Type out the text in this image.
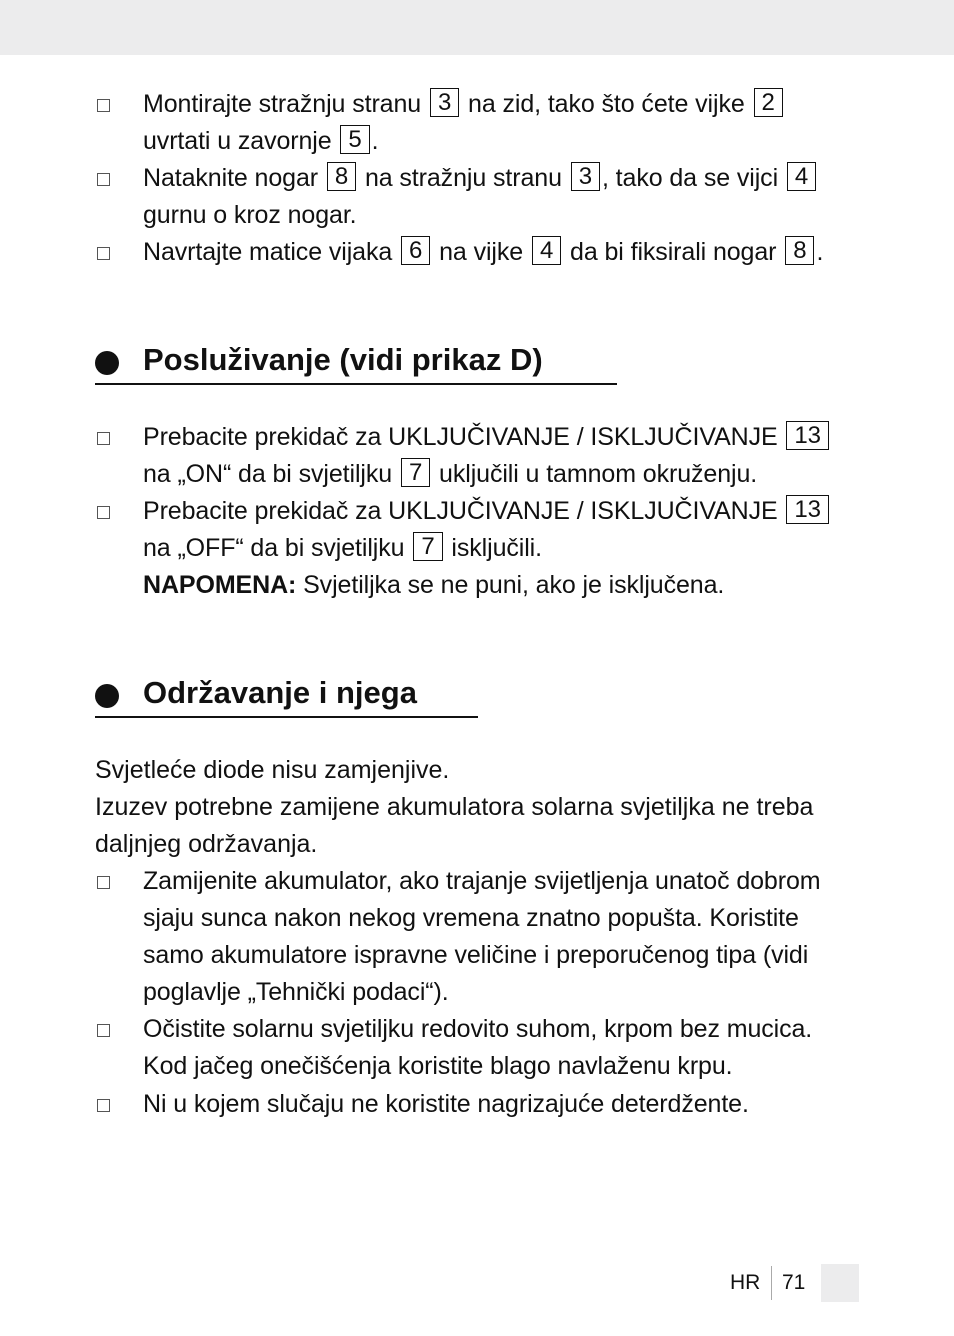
Montirajte stražnju stranu 3 na zid, tako što ćete vijke 2
uvrtati u zavornje 5 .
Nataknite nogar 8 na stražnju stranu 3 , tako da se vijci 4
gurnu o kroz nogar.
Navrtajte matice vijaka 6 na vijke 4 da bi fiksirali nogar 8 .
Posluživanje (vidi prikaz D)
Prebacite prekidač za UKLJUČIVANJE / ISKLJUČIVANJE 13
na „ON“ da bi svjetiljku 7 uključili u tamnom okruženju.
Prebacite prekidač za UKLJUČIVANJE / ISKLJUČIVANJE 13
na „OFF“ da bi svjetiljku 7 isključili.
NAPOMENA: Svjetiljka se ne puni, ako je isključena.
Održavanje i njega
Svjetleće diode nisu zamjenjive.
Izuzev potrebne zamijene akumulatora solarna svjetiljka ne treba daljnjeg održavanja.
Zamijenite akumulator, ako trajanje svijetljenja unatoč dobrom sjaju sunca nakon nekog vremena znatno popušta. Koristite samo akumulatore ispravne veličine i preporučenog tipa (vidi poglavlje „Tehnički podaci“).
Očistite solarnu svjetiljku redovito suhom, krpom bez mucica. Kod jačeg onečišćenja koristite blago navlaženu krpu.
Ni u kojem slučaju ne koristite nagrizajuće deterdžente.
HR 71
